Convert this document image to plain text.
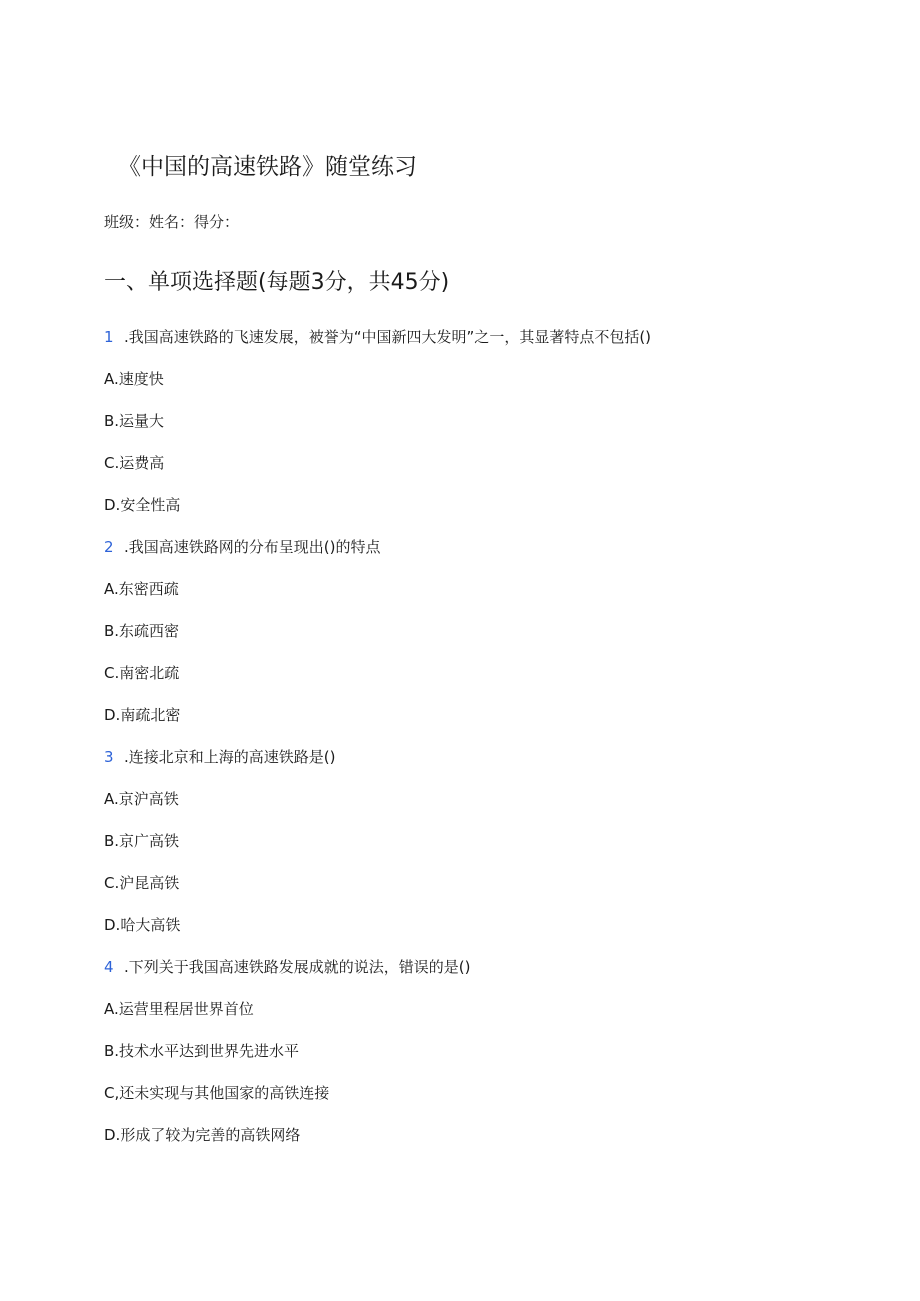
《中国的高速铁路》随堂练习
班级：姓名：得分：
一、单项选择题(每题3分，共45分)
1 .我国高速铁路的飞速发展，被誉为“中国新四大发明”之一，其显著特点不包括()
A.速度快
B.运量大
C.运费高
D.安全性高
2 .我国高速铁路网的分布呈现出()的特点
A.东密西疏
B.东疏西密
C.南密北疏
D.南疏北密
3 .连接北京和上海的高速铁路是()
A.京沪高铁
B.京广高铁
C.沪昆高铁
D.哈大高铁
4 .下列关于我国高速铁路发展成就的说法，错误的是()
A.运营里程居世界首位
B.技术水平达到世界先进水平
C,还未实现与其他国家的高铁连接
D.形成了较为完善的高铁网络
